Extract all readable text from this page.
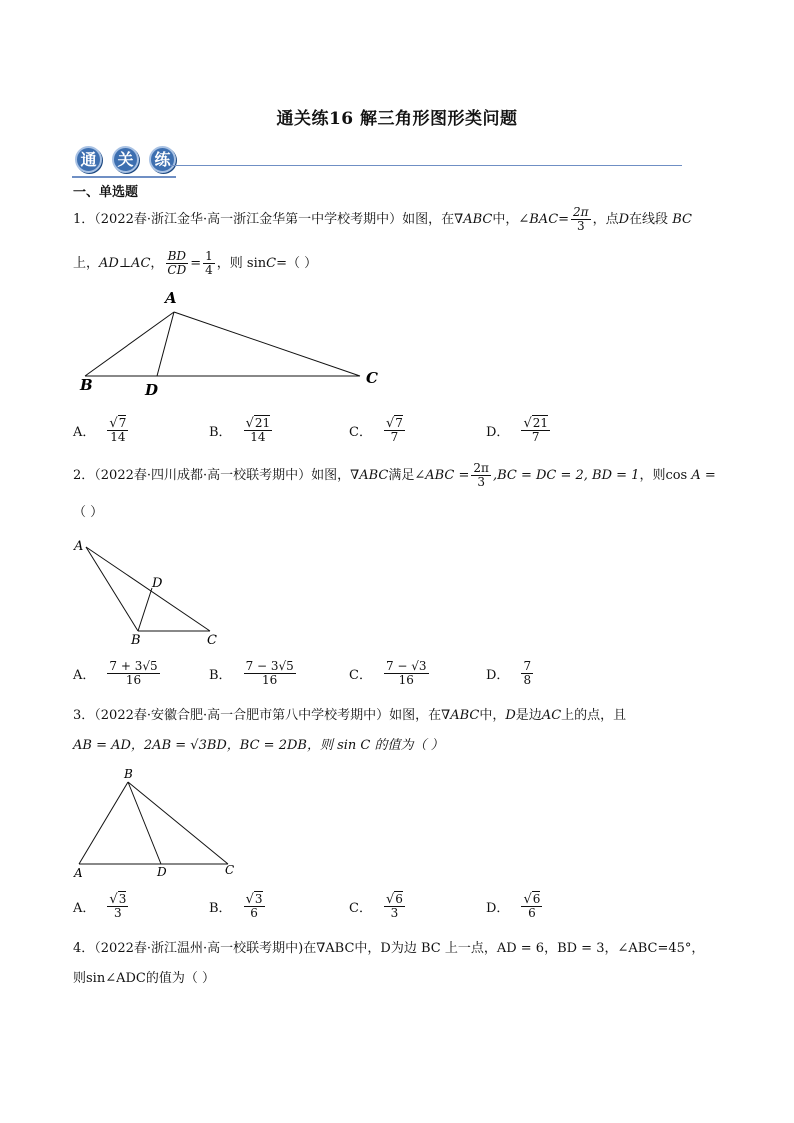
通关练16 解三角形图形类问题
通	关	练
一、单选题
1．（2022春·浙江金华·高一浙江金华第一中学校考期中）如图，在∇ABC中，∠BAC= $\frac{2\pi}{3}$ ，点D在线段 BC
上，AD⊥AC， $\frac{BD}{CD} = \frac{1}{4}$ ，则 sinC=（ ）
A
B	D
C
A． $\frac{√7}{14}$	B． $\frac{√21}{14}$	C． $\frac{√7}{7}$	D． $\frac{√21}{7}$
2．（2022春·四川成都·高一校联考期中）如图，∇ABC满足∠ABC = $\frac{2\pi}{3} ,BC$ = DC = 2, BD = 1，则cos A =
（ ）
A
D
B	C
A． $\frac{7 + 3√5}{16}$	B． $\frac{7 - 3√5}{16}$	C． $\frac{7 - √3}{16}$	D． $\frac{7}{8}$
3．（2022春·安徽合肥·高一合肥市第八中学校考期中）如图，在∇ABC中，D是边AC上的点，且
AB = AD，2AB = √3BD，BC = 2DB，则 sin C 的值为（ ）
B
A	D	C
A． $\frac{√3}{3}$	B． $\frac{√3}{6}$	C． $\frac{√6}{3}$	D． $\frac{√6}{6}$
4．（2022春·浙江温州·高一校联考期中)在∇ABC中，D为边 BC 上一点，AD = 6，BD = 3，∠ABC=45°，
则sin∠ADC的值为（ ）
